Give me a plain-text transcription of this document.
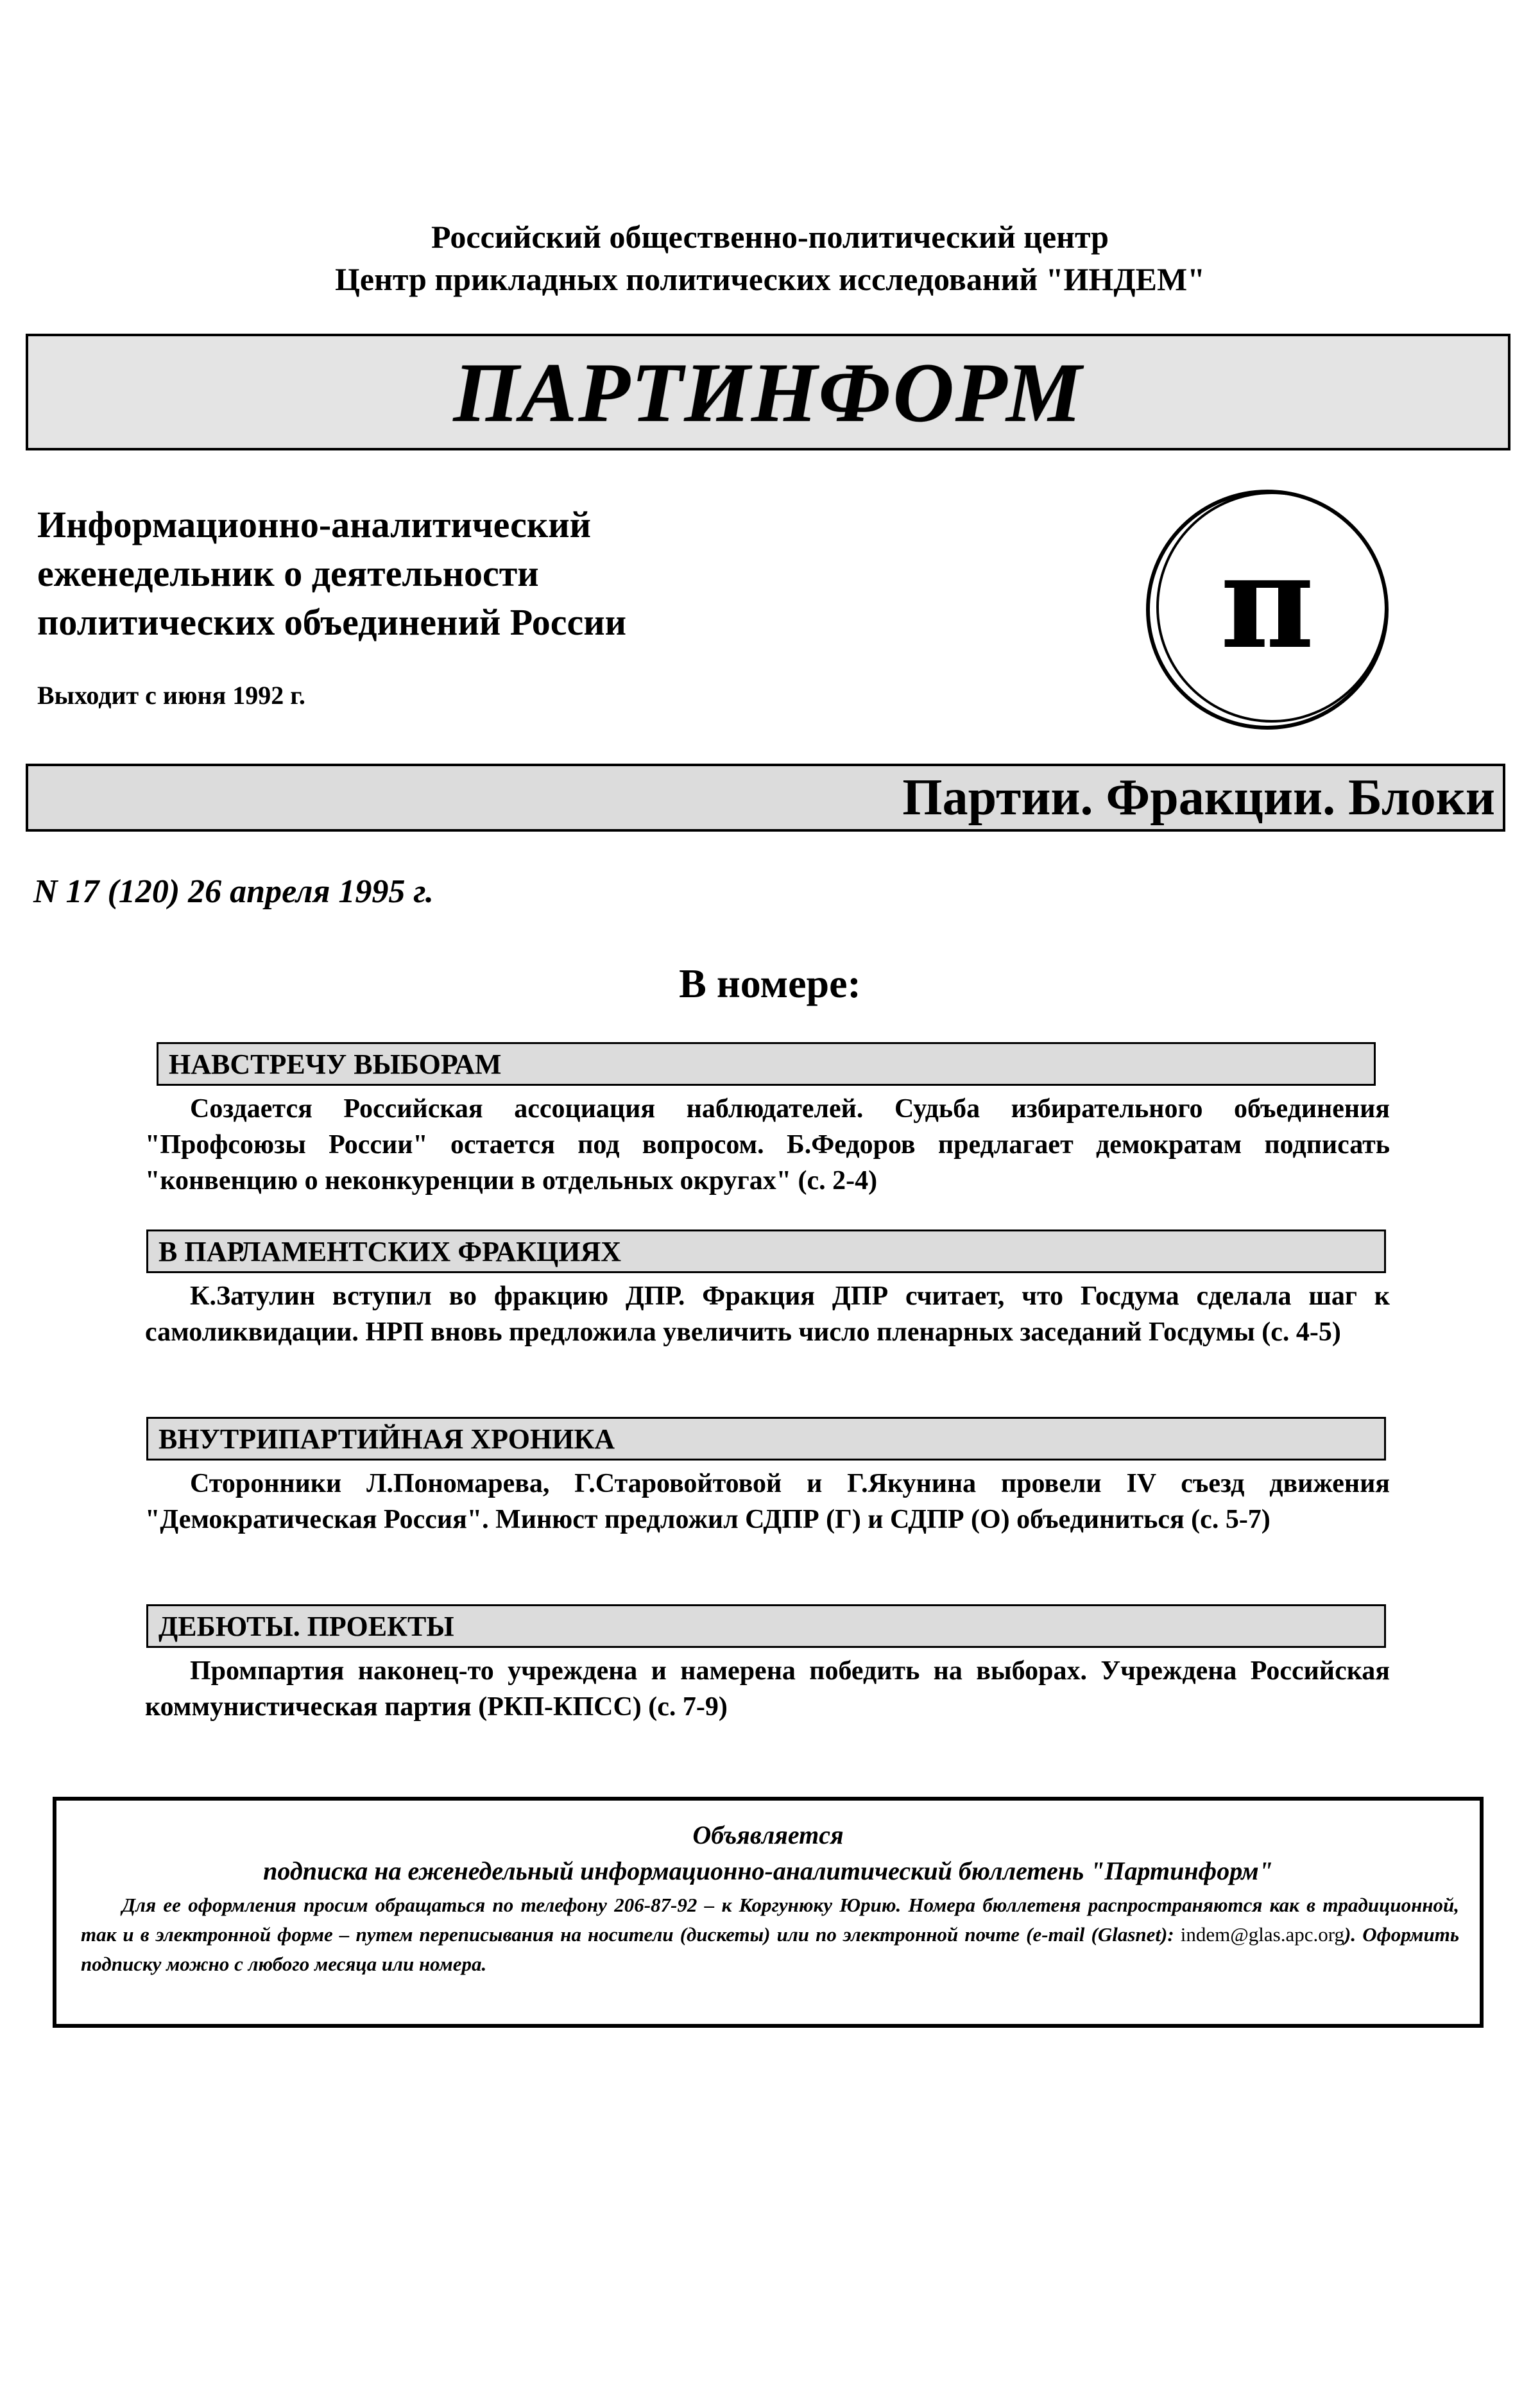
Российский общественно-политический центр
Центр прикладных политических исследований "ИНДЕМ"
ПАРТИНФОРМ
Информационно-аналитический
еженедельник о деятельности
политических объединений России
Выходит с июня 1992 г.
π
Партии. Фракции. Блоки
N 17 (120) 26 апреля 1995 г.
В номере:
НАВСТРЕЧУ ВЫБОРАМ
Создается Российская ассоциация наблюдателей. Судьба избирательного объединения "Профсоюзы России" остается под вопросом. Б.Федоров предлагает демократам подписать "конвенцию о неконкуренции в отдельных округах" (с. 2-4)
В ПАРЛАМЕНТСКИХ ФРАКЦИЯХ
К.Затулин вступил во фракцию ДПР. Фракция ДПР считает, что Госдума сделала шаг к самоликвидации. НРП вновь предложила увеличить число пленарных заседаний Госдумы (с. 4-5)
ВНУТРИПАРТИЙНАЯ ХРОНИКА
Сторонники Л.Пономарева, Г.Старовойтовой и Г.Якунина провели IV съезд движения "Демократическая Россия". Минюст предложил СДПР (Г) и СДПР (О) объединиться (с. 5-7)
ДЕБЮТЫ. ПРОЕКТЫ
Промпартия наконец-то учреждена и намерена победить на выборах. Учреждена Российская коммунистическая партия (РКП-КПСС) (с. 7-9)
Объявляется
подписка на еженедельный информационно-аналитический бюллетень "Партинформ"
Для ее оформления просим обращаться по телефону 206-87-92 – к Коргунюку Юрию. Номера бюллетеня распространяются как в традиционной, так и в электронной форме – путем переписывания на носители (дискеты) или по электронной почте (e-mail (Glasnet): indem@glas.apc.org). Оформить подписку можно с любого месяца или номера.
